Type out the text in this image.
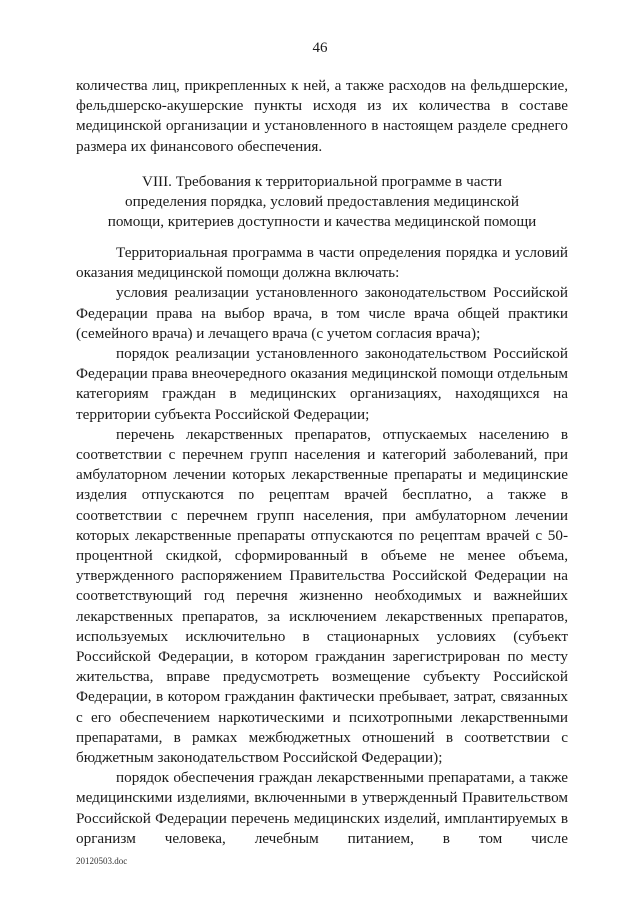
46

количества лиц, прикрепленных к ней, а также расходов на фельдшерские, фельдшерско-акушерские пункты исходя из их количества в составе медицинской организации и установленного в настоящем разделе среднего размера их финансового обеспечения.

VIII. Требования к территориальной программе в части
определения порядка, условий предоставления медицинской
помощи, критериев доступности и качества медицинской помощи

Территориальная программа в части определения порядка и условий оказания медицинской помощи должна включать:

условия реализации установленного законодательством Российской Федерации права на выбор врача, в том числе врача общей практики (семейного врача) и лечащего врача (с учетом согласия врача);

порядок реализации установленного законодательством Российской Федерации права внеочередного оказания медицинской помощи отдельным категориям граждан в медицинских организациях, находящихся на территории субъекта Российской Федерации;

перечень лекарственных препаратов, отпускаемых населению в соответствии с перечнем групп населения и категорий заболеваний, при амбулаторном лечении которых лекарственные препараты и медицинские изделия отпускаются по рецептам врачей бесплатно, а также в соответствии с перечнем групп населения, при амбулаторном лечении которых лекарственные препараты отпускаются по рецептам врачей с 50-процентной скидкой, сформированный в объеме не менее объема, утвержденного распоряжением Правительства Российской Федерации на соответствующий год перечня жизненно необходимых и важнейших лекарственных препаратов, за исключением лекарственных препаратов, используемых исключительно в стационарных условиях (субъект Российской Федерации, в котором гражданин зарегистрирован по месту жительства, вправе предусмотреть возмещение субъекту Российской Федерации, в котором гражданин фактически пребывает, затрат, связанных с его обеспечением наркотическими и психотропными лекарственными препаратами, в рамках межбюджетных отношений в соответствии с бюджетным законодательством Российской Федерации);

порядок обеспечения граждан лекарственными препаратами, а также медицинскими изделиями, включенными в утвержденный Правительством Российской Федерации перечень медицинских изделий, имплантируемых в организм человека, лечебным питанием, в том числе

20120503.doc
